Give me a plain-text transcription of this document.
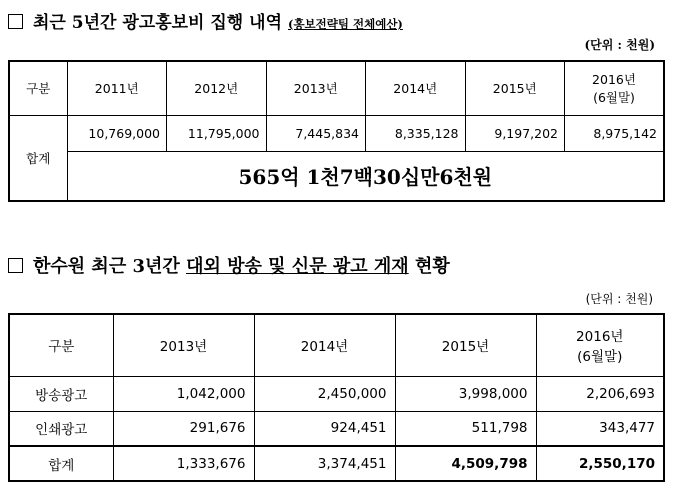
최근 5년간 광고홍보비 집행 내역 (홍보전략팀 전체예산)
(단위 : 천원)
구분	2011년	2012년	2013년	2014년	2015년	2016년
(6월말)

합계	10,769,000	11,795,000	7,445,834	8,335,128	9,197,202	8,975,142
	565억 1천7백30십만6천원					
한수원 최근 3년간 대외 방송 및 신문 광고 게재 현황
(단위 : 천원)
구분	2013년	2014년	2015년	2016년
(6월말)

방송광고	1,042,000	2,450,000	3,998,000	2,206,693
인쇄광고	291,676	924,451	511,798	343,477
합계	1,333,676	3,374,451	4,509,798	2,550,170
